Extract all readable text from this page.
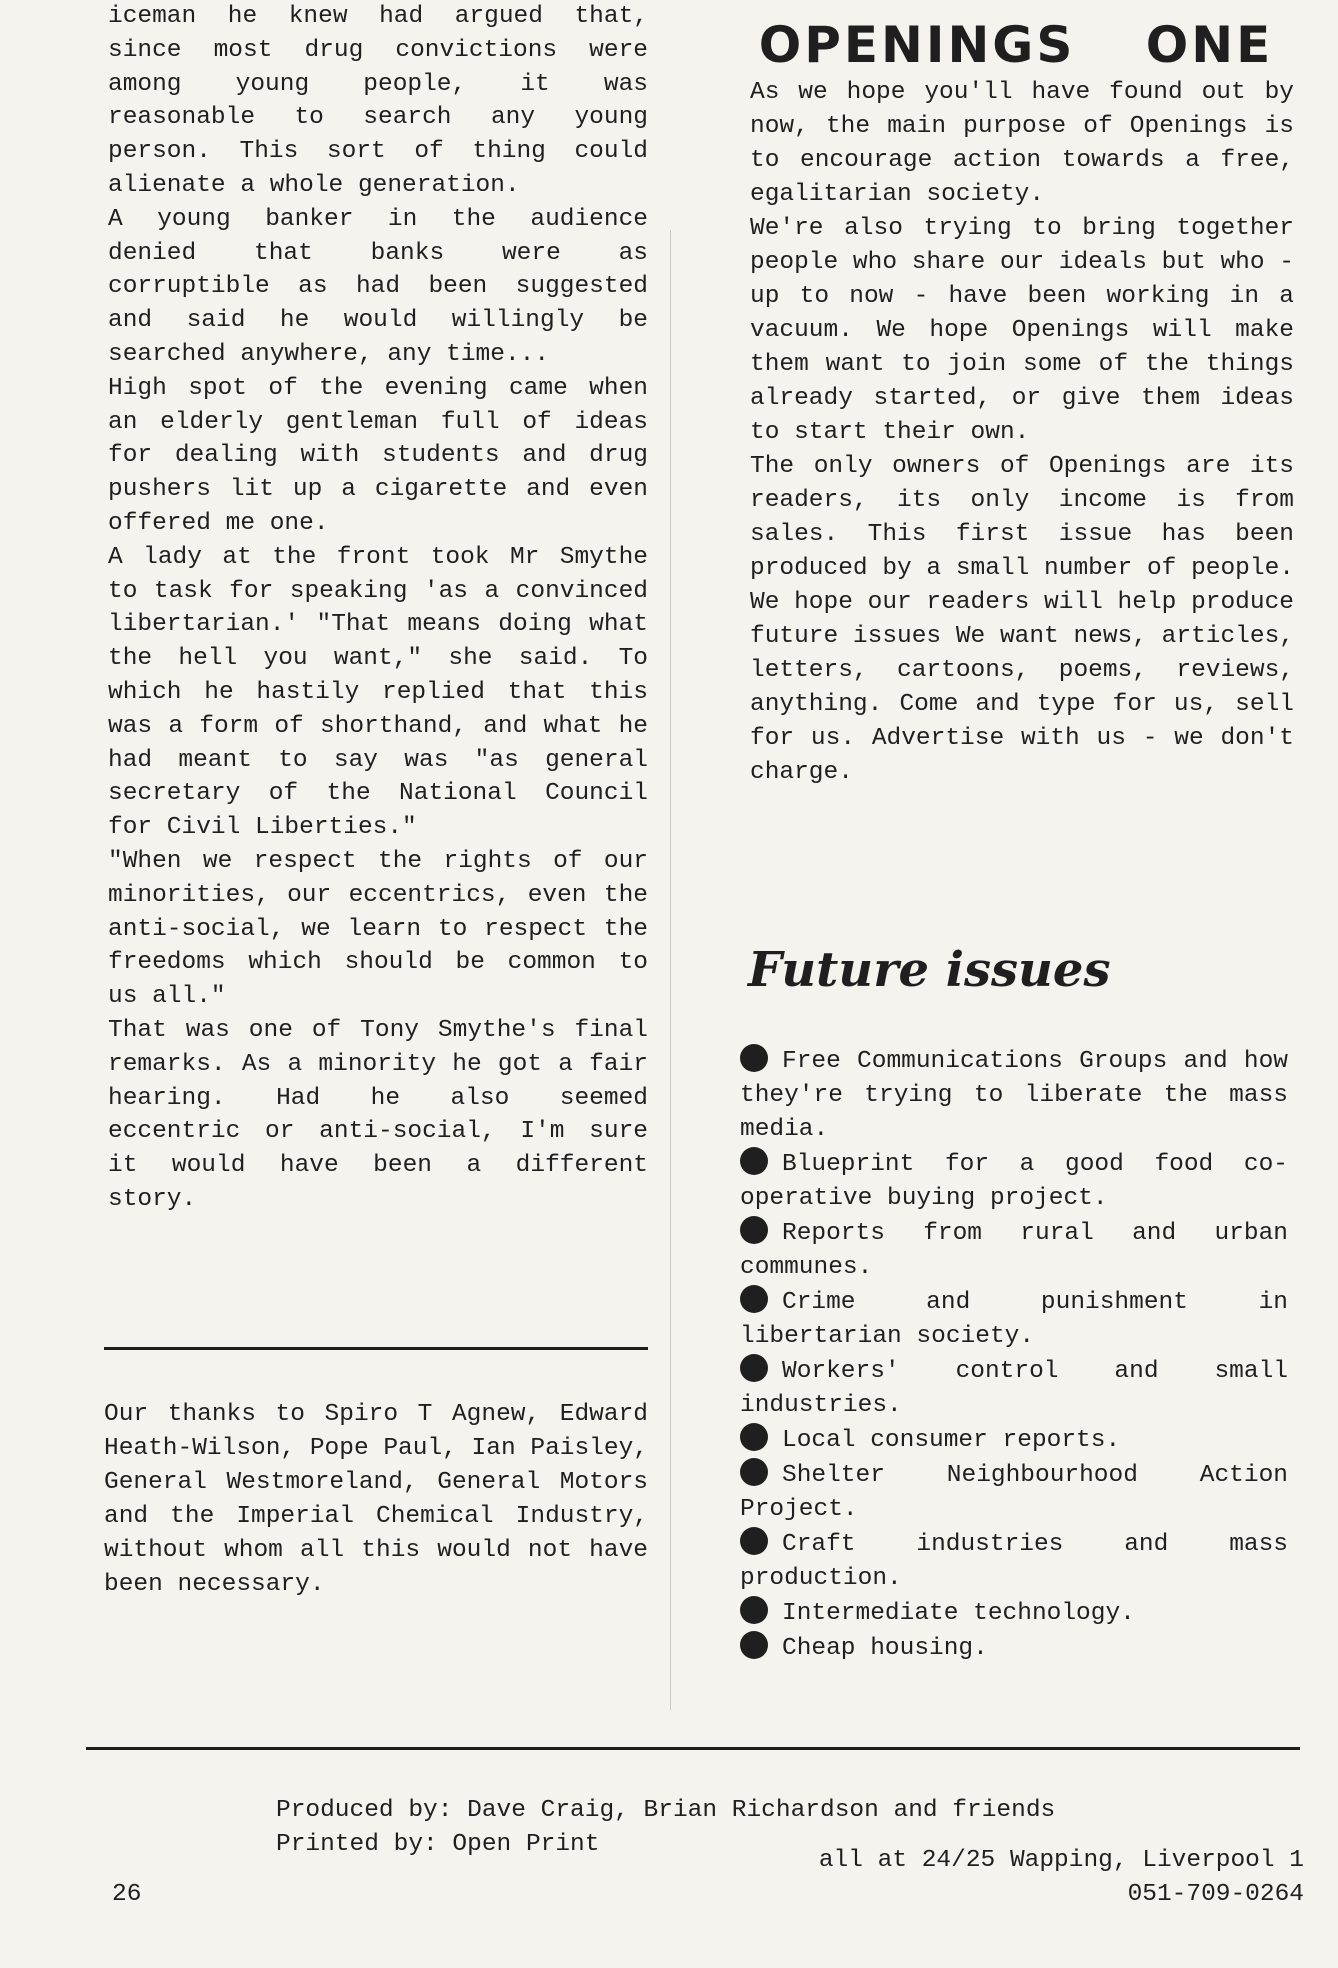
iceman he knew had argued that, since most drug convictions were among young people, it was reasonable to search any young person. This sort of thing could alienate a whole generation.

A young banker in the audience denied that banks were as corruptible as had been suggested and said he would willingly be searched anywhere, any time...

High spot of the evening came when an elderly gentleman full of ideas for dealing with students and drug pushers lit up a cigarette and even offered me one.

A lady at the front took Mr Smythe to task for speaking 'as a convinced libertarian.' "That means doing what the hell you want," she said. To which he hastily replied that this was a form of shorthand, and what he had meant to say was "as general secretary of the National Council for Civil Liberties."

"When we respect the rights of our minorities, our eccentrics, even the anti-social, we learn to respect the freedoms which should be common to us all."

That was one of Tony Smythe's final remarks. As a minority he got a fair hearing. Had he also seemed eccentric or anti-social, I'm sure it would have been a different story.

Our thanks to Spiro T Agnew, Edward Heath-Wilson, Pope Paul, Ian Paisley, General Westmoreland, General Motors and the Imperial Chemical Industry, without whom all this would not have been necessary.

OPENINGS ONE

As we hope you'll have found out by now, the main purpose of Openings is to encourage action towards a free, egalitarian society.

We're also trying to bring together people who share our ideals but who - up to now - have been working in a vacuum. We hope Openings will make them want to join some of the things already started, or give them ideas to start their own.

The only owners of Openings are its readers, its only income is from sales. This first issue has been produced by a small number of people. We hope our readers will help produce future issues We want news, articles, letters, cartoons, poems, reviews, anything. Come and type for us, sell for us. Advertise with us - we don't charge.

Future issues
Free Communications Groups and how they're trying to liberate the mass media.
Blueprint for a good food co-operative buying project.
Reports from rural and urban communes.
Crime and punishment in libertarian society.
Workers' control and small industries.
Local consumer reports.
Shelter Neighbourhood Action Project.
Craft industries and mass production.
Intermediate technology.
Cheap housing.

Produced by: Dave Craig, Brian Richardson and friends
Printed by: Open Print

all at 24/25 Wapping, Liverpool 1
051-709-0264

26
